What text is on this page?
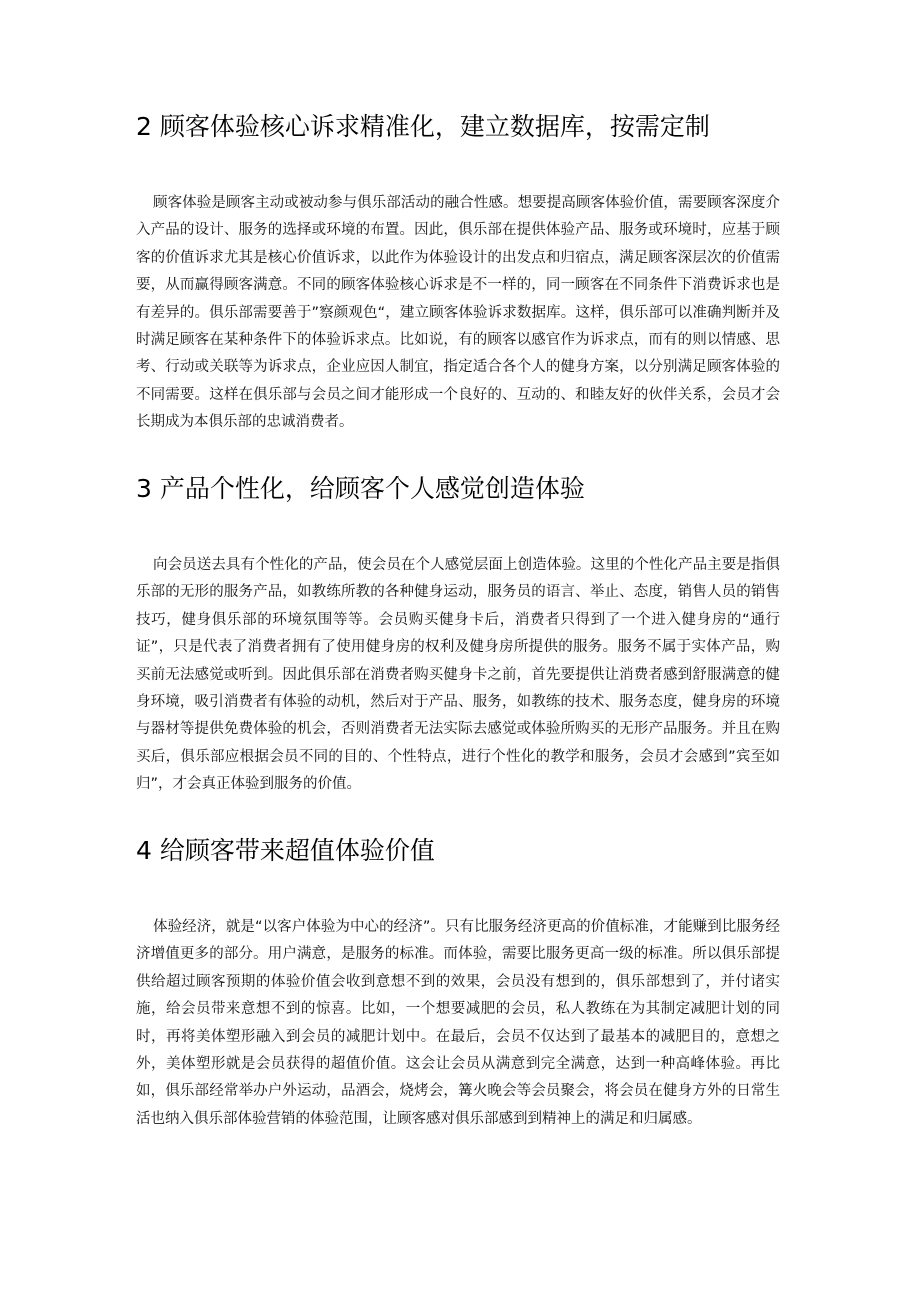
2 顾客体验核心诉求精准化，建立数据库，按需定制

顾客体验是顾客主动或被动参与俱乐部活动的融合性感。想要提高顾客体验价值，需要顾客深度介入产品的设计、服务的选择或环境的布置。因此，俱乐部在提供体验产品、服务或环境时，应基于顾客的价值诉求尤其是核心价值诉求，以此作为体验设计的出发点和归宿点，满足顾客深层次的价值需要，从而赢得顾客满意。不同的顾客体验核心诉求是不一样的，同一顾客在不同条件下消费诉求也是有差异的。俱乐部需要善于”察颜观色“，建立顾客体验诉求数据库。这样，俱乐部可以准确判断并及时满足顾客在某种条件下的体验诉求点。比如说，有的顾客以感官作为诉求点，而有的则以情感、思考、行动或关联等为诉求点，企业应因人制宜，指定适合各个人的健身方案，以分别满足顾客体验的不同需要。这样在俱乐部与会员之间才能形成一个良好的、互动的、和睦友好的伙伴关系，会员才会长期成为本俱乐部的忠诚消费者。

3 产品个性化，给顾客个人感觉创造体验

向会员送去具有个性化的产品，使会员在个人感觉层面上创造体验。这里的个性化产品主要是指俱乐部的无形的服务产品，如教练所教的各种健身运动，服务员的语言、举止、态度，销售人员的销售技巧，健身俱乐部的环境氛围等等。会员购买健身卡后，消费者只得到了一个进入健身房的“通行证”，只是代表了消费者拥有了使用健身房的权利及健身房所提供的服务。服务不属于实体产品，购买前无法感觉或听到。因此俱乐部在消费者购买健身卡之前，首先要提供让消费者感到舒服满意的健身环境，吸引消费者有体验的动机，然后对于产品、服务，如教练的技术、服务态度，健身房的环境与器材等提供免费体验的机会，否则消费者无法实际去感觉或体验所购买的无形产品服务。并且在购买后，俱乐部应根据会员不同的目的、个性特点，进行个性化的教学和服务，会员才会感到”宾至如归”，才会真正体验到服务的价值。

4 给顾客带来超值体验价值

体验经济，就是“以客户体验为中心的经济”。只有比服务经济更高的价值标准，才能赚到比服务经济增值更多的部分。用户满意，是服务的标准。而体验，需要比服务更高一级的标准。所以俱乐部提供给超过顾客预期的体验价值会收到意想不到的效果，会员没有想到的，俱乐部想到了，并付诸实施，给会员带来意想不到的惊喜。比如，一个想要减肥的会员，私人教练在为其制定减肥计划的同时，再将美体塑形融入到会员的减肥计划中。在最后，会员不仅达到了最基本的减肥目的，意想之外，美体塑形就是会员获得的超值价值。这会让会员从满意到完全满意，达到一种高峰体验。再比如，俱乐部经常举办户外运动，品酒会，烧烤会，篝火晚会等会员聚会，将会员在健身方外的日常生活也纳入俱乐部体验营销的体验范围，让顾客感对俱乐部感到到精神上的满足和归属感。
